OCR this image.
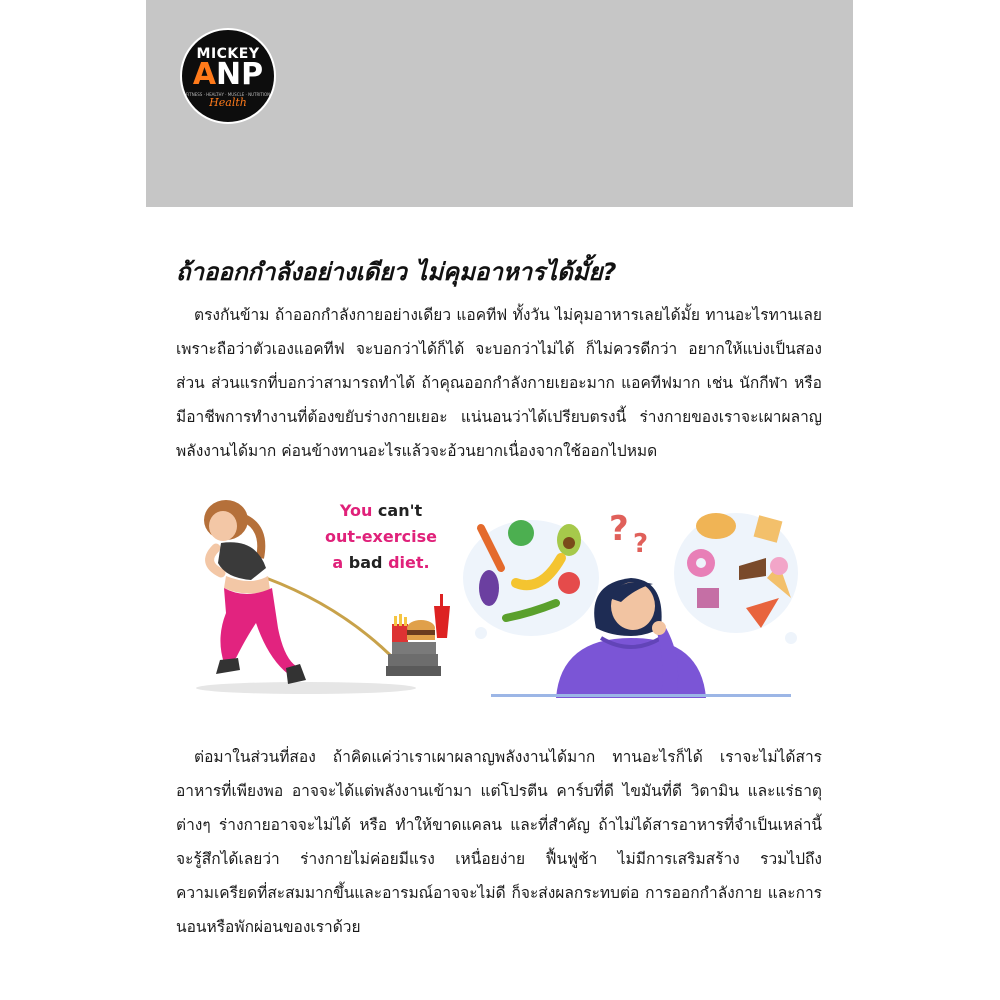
MICKEY
ANP
FITNESS · HEALTHY · MUSCLE · NUTRITION
Health
ถ้าออกกำลังอย่างเดียว ไม่คุมอาหารได้มั้ย?
ตรงกันข้าม ถ้าออกกำลังกายอย่างเดียว แอคทีฟ ทั้งวัน ไม่คุมอาหารเลยได้มั้ย ทานอะไรทานเลยเพราะถือว่าตัวเองแอคทีฟ จะบอกว่าได้ก็ได้ จะบอกว่าไม่ได้ ก็ไม่ควรดีกว่า อยากให้แบ่งเป็นสองส่วน ส่วนแรกที่บอกว่าสามารถทำได้ ถ้าคุณออกกำลังกายเยอะมาก แอคทีฟมาก เช่น นักกีฬา หรือ มีอาชีพการทำงานที่ต้องขยับร่างกายเยอะ แน่นอนว่าได้เปรียบตรงนี้ ร่างกายของเราจะเผาผลาญพลังงานได้มาก ค่อนข้างทานอะไรแล้วจะอ้วนยากเนื่องจากใช้ออกไปหมด
You can't
out-exercise
a bad diet.
? ?
ต่อมาในส่วนที่สอง ถ้าคิดแค่ว่าเราเผาผลาญพลังงานได้มาก ทานอะไรก็ได้ เราจะไม่ได้สารอาหารที่เพียงพอ อาจจะได้แต่พลังงานเข้ามา แต่โปรตีน คาร์บที่ดี ไขมันที่ดี วิตามิน และแร่ธาตุ ต่างๆ ร่างกายอาจจะไม่ได้ หรือ ทำให้ขาดแคลน และที่สำคัญ ถ้าไม่ได้สารอาหารที่จำเป็นเหล่านี้จะรู้สึกได้เลยว่า ร่างกายไม่ค่อยมีแรง เหนื่อยง่าย ฟื้นฟูช้า ไม่มีการเสริมสร้าง รวมไปถึงความเครียดที่สะสมมากขึ้นและอารมณ์อาจจะไม่ดี ก็จะส่งผลกระทบต่อ การออกกำลังกาย และการนอนหรือพักผ่อนของเราด้วย
